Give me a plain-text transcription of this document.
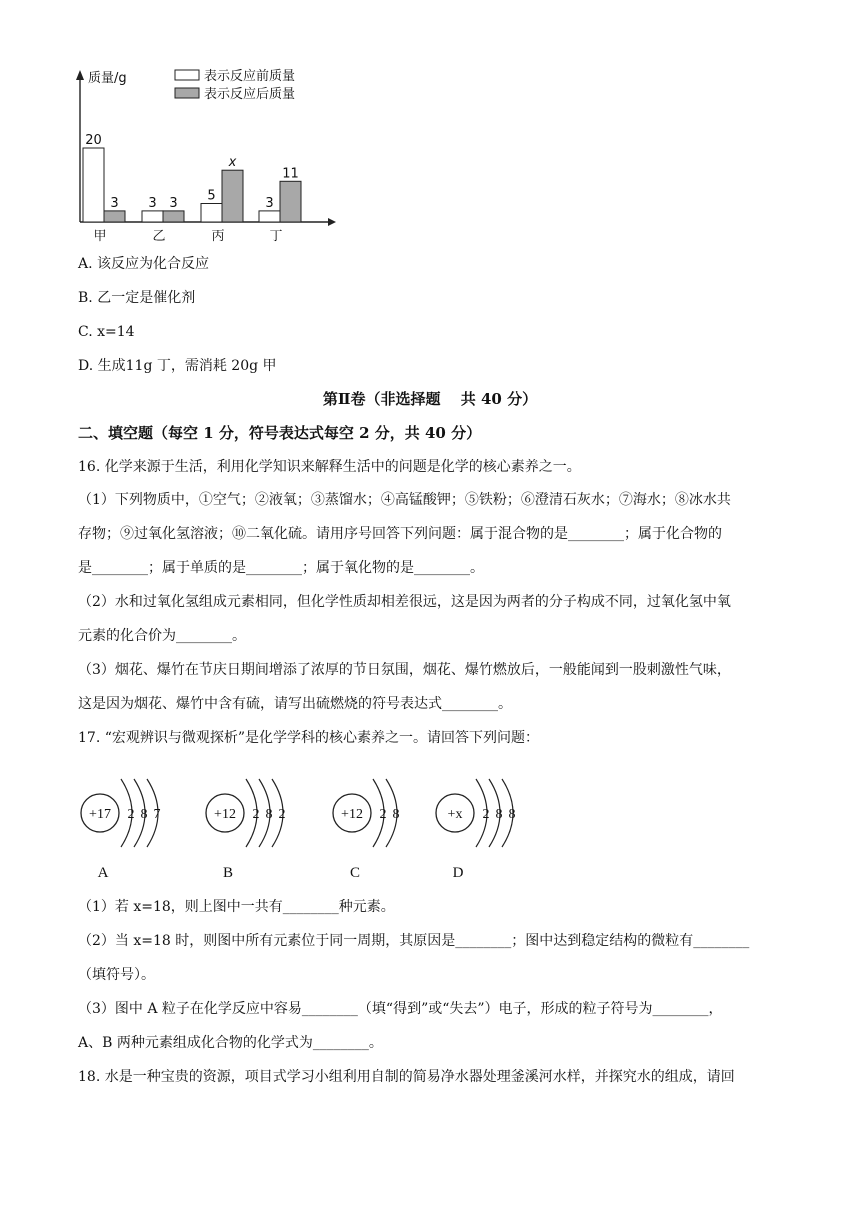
质量/g	表示反应前质量
表示反应后质量
20
3
甲
3 3
乙
5
x
丙
3
11
丁
A. 该反应为化合反应
B. 乙一定是催化剂
C. x=14
D. 生成11g 丁，需消耗 20g 甲
第Ⅱ卷（非选择题　 共 40 分）
二、填空题（每空 1 分，符号表达式每空 2 分，共 40 分）
16. 化学来源于生活，利用化学知识来解释生活中的问题是化学的核心素养之一。
（1）下列物质中，①空气；②液氧；③蒸馏水；④高锰酸钾；⑤铁粉；⑥澄清石灰水；⑦海水；⑧冰水共
存物；⑨过氧化氢溶液；⑩二氧化硫。请用序号回答下列问题：属于混合物的是________；属于化合物的
是________；属于单质的是________；属于氧化物的是________。
（2）水和过氧化氢组成元素相同，但化学性质却相差很远，这是因为两者的分子构成不同，过氧化氢中氧
元素的化合价为________。
（3）烟花、爆竹在节庆日期间增添了浓厚的节日氛围，烟花、爆竹燃放后，一般能闻到一股刺激性气味，
这是因为烟花、爆竹中含有硫，请写出硫燃烧的符号表达式________。
17. “宏观辨识与微观探析”是化学学科的核心素养之一。请回答下列问题：
+17 2 8 7
A
+12 2 8 2
B
+12 2 8
C
+x 2 8 8
D
（1）若 x=18，则上图中一共有________种元素。
（2）当 x=18 时，则图中所有元素位于同一周期，其原因是________；图中达到稳定结构的微粒有________
（填符号）。
（3）图中 A 粒子在化学反应中容易________（填“得到”或“失去”）电子，形成的粒子符号为________，
A、B 两种元素组成化合物的化学式为________。
18. 水是一种宝贵的资源，项目式学习小组利用自制的简易净水器处理釜溪河水样，并探究水的组成，请回
